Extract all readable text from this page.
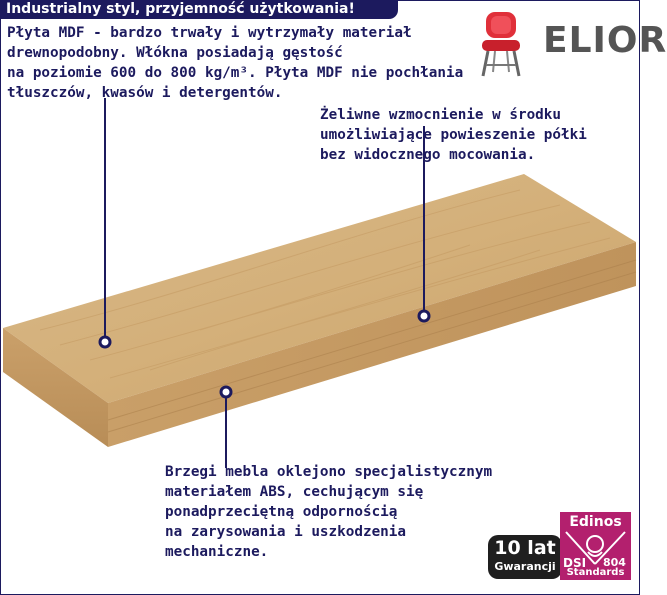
Industrialny styl, przyjemność użytkowania!
Płyta MDF - bardzo trwały i wytrzymały materiał
drewnopodobny. Włókna posiadają gęstość
na poziomie 600 do 800 kg/m³. Płyta MDF nie pochłania
tłuszczów, kwasów i detergentów.
Żeliwne wzmocnienie w środku
umożliwiające powieszenie półki
bez widocznego mocowania.
Brzegi mebla oklejono specjalistycznym
materiałem ABS, cechującym się
ponadprzeciętną odpornością
na zarysowania i uszkodzenia
mechaniczne.
ELIOR
10 lat
Gwarancji
Edinos
DSI 804
Standards
